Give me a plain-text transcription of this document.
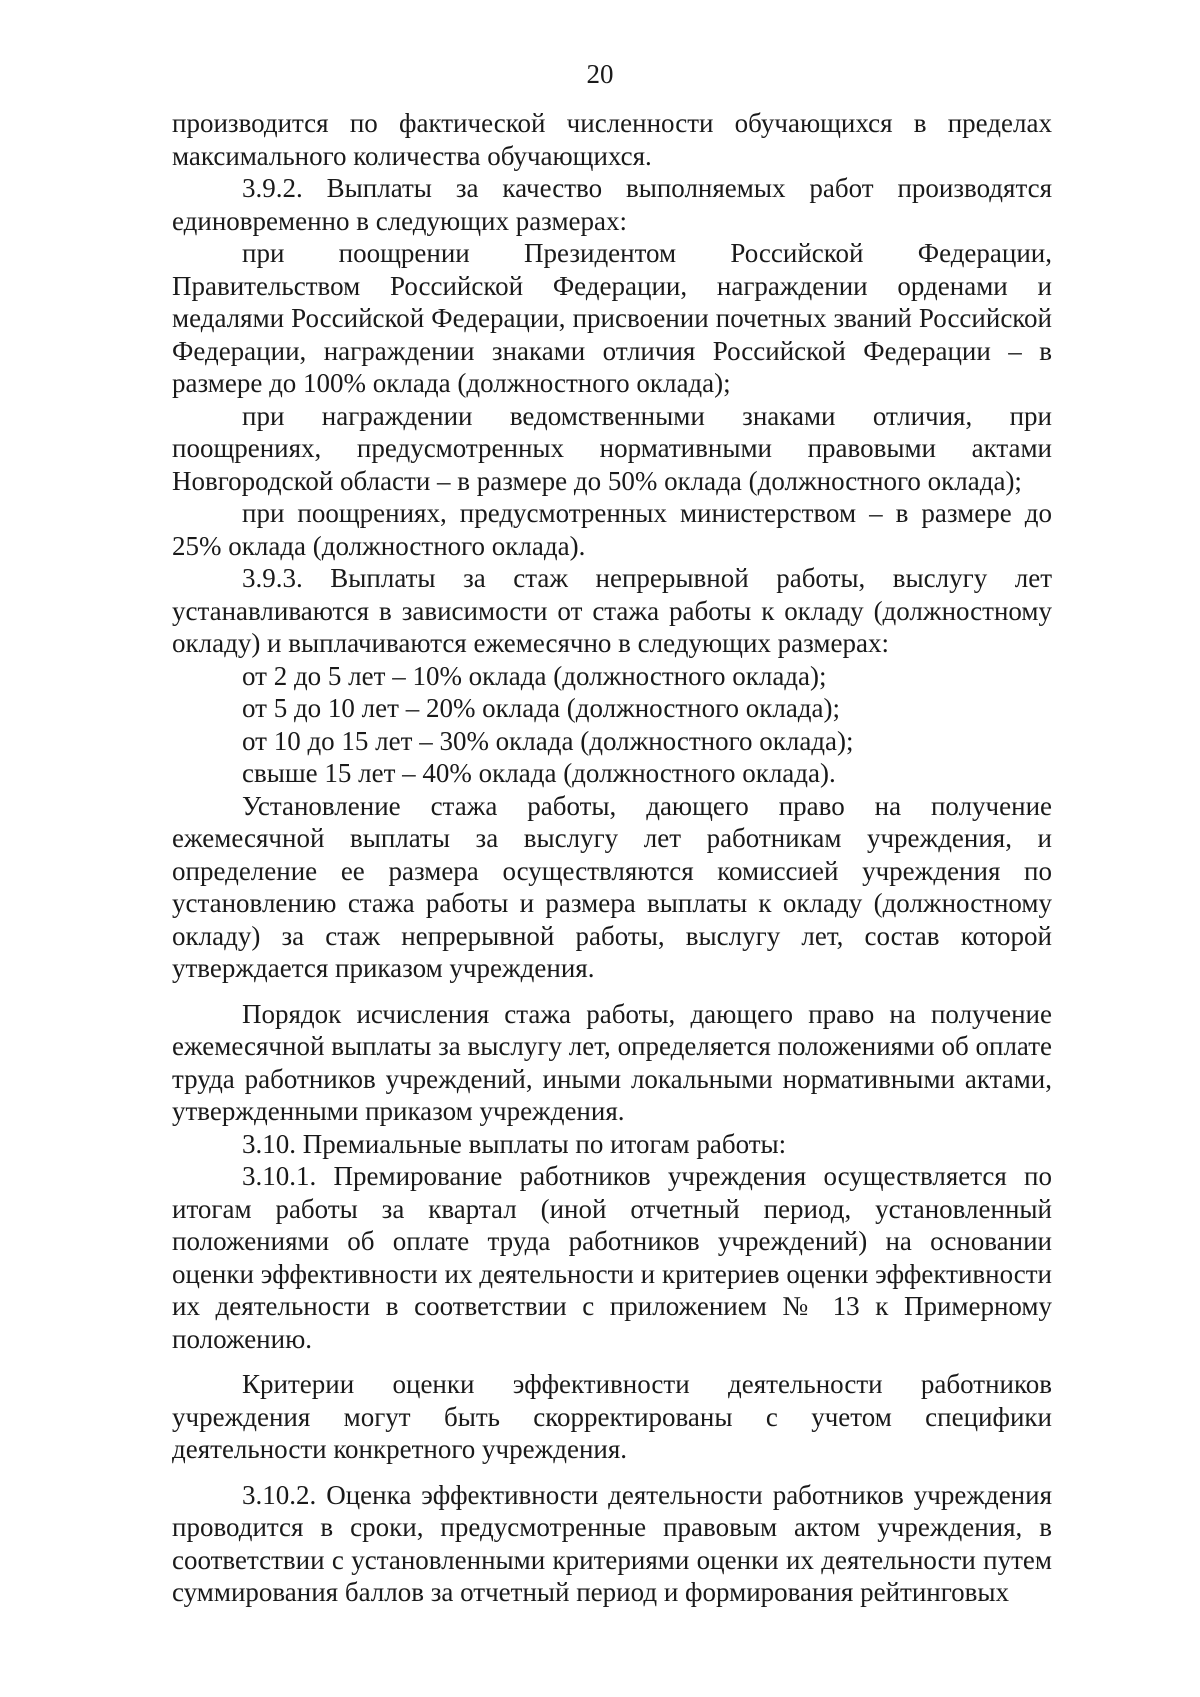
20

производится по фактической численности обучающихся в пределах максимального количества обучающихся.

3.9.2. Выплаты за качество выполняемых работ производятся единовременно в следующих размерах:

при поощрении Президентом Российской Федерации, Правительством Российской Федерации, награждении орденами и медалями Российской Федерации, присвоении почетных званий Российской Федерации, награждении знаками отличия Российской Федерации – в размере до 100% оклада (должностного оклада);

при награждении ведомственными знаками отличия, при поощрениях, предусмотренных нормативными правовыми актами Новгородской области – в размере до 50% оклада (должностного оклада);

при поощрениях, предусмотренных министерством – в размере до 25% оклада (должностного оклада).

3.9.3. Выплаты за стаж непрерывной работы, выслугу лет устанавливаются в зависимости от стажа работы к окладу (должностному окладу) и выплачиваются ежемесячно в следующих размерах:

от 2 до 5 лет – 10% оклада (должностного оклада);

от 5 до 10 лет – 20% оклада (должностного оклада);

от 10 до 15 лет – 30% оклада (должностного оклада);

свыше 15 лет – 40% оклада (должностного оклада).

Установление стажа работы, дающего право на получение ежемесячной выплаты за выслугу лет работникам учреждения, и определение ее размера осуществляются комиссией учреждения по установлению стажа работы и размера выплаты к окладу (должностному окладу) за стаж непрерывной работы, выслугу лет, состав которой утверждается приказом учреждения.

Порядок исчисления стажа работы, дающего право на получение ежемесячной выплаты за выслугу лет, определяется положениями об оплате труда работников учреждений, иными локальными нормативными актами, утвержденными приказом учреждения.

3.10. Премиальные выплаты по итогам работы:

3.10.1. Премирование работников учреждения осуществляется по итогам работы за квартал (иной отчетный период, установленный положениями об оплате труда работников учреждений) на основании оценки эффективности их деятельности и критериев оценки эффективности их деятельности в соответствии с приложением № 13 к Примерному положению.

Критерии оценки эффективности деятельности работников учреждения могут быть скорректированы с учетом специфики деятельности конкретного учреждения.

3.10.2. Оценка эффективности деятельности работников учреждения проводится в сроки, предусмотренные правовым актом учреждения, в соответствии с установленными критериями оценки их деятельности путем суммирования баллов за отчетный период и формирования рейтинговых
